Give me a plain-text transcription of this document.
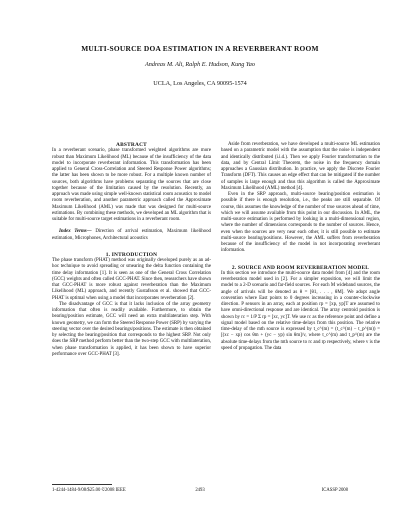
MULTI-SOURCE DOA ESTIMATION IN A REVERBERANT ROOM
Andreas M. Ali, Ralph E. Hudson, Kung Yao
UCLA, Los Angeles, CA 90095-1574

ABSTRACT

In a reverberant scenario, phase transformed weighted algorithms are more robust than Maximum Likelihood (ML) because of the insufficiency of the data model to incorporate reverberant information. This transformation has been applied to General Cross-Correlation and Steered Response Power algorithms; the latter has been shown to be more robust. For a multiple known number of sources, both algorithms have problems separating the sources that are close together because of the limitation caused by the resolution. Recently, an approach was made using simple well-known statistical room acoustics to model room reverberation, and another parametric approach called the Approximate Maximum Likelihood (AML) was made that was designed for multi-source estimations. By combining these methods, we developed an ML algorithm that is suitable for multi-source target estimations in a reverberant room.

Index Terms— Direction of arrival estimation, Maximum likelihood estimation, Microphones, Architectural acoustics

1. INTRODUCTION

The phase transform (PHAT) method was originally developed purely as an ad-hoc technique to avoid spreading or smearing the delta function containing the time delay information [1]. It is seen as one of the General Cross Correlation (GCC) weights and often called GCC-PHAT. Since then, researchers have shown that GCC-PHAT is more robust against reverberation than the Maximum Likelihood (ML) approach, and recently Gustafsson et al. showed that GCC-PHAT is optimal when using a model that incorporates reverberation [2].

The disadvantage of GCC is that it lacks inclusion of the array geometry information that often is readily available. Furthermore, to obtain the bearing/position estimate, GCC will need an extra multilateration step. With known geometry, we can form the Steered Response Power (SRP) by varying the steering vector over the desired bearings/positions. The estimate is then obtained by selecting the bearing/position that corresponds to the highest SRP. Not only does the SRP method perform better than the two-step GCC with multilateration, when phase transformation is applied, it has been shown to have superior performance over GCC-PHAT [3].

Aside from reverberation, we have developed a multi-source ML estimation based on a parametric model with the assumption that the noise is independent and identically distributed (i.i.d.). Then we apply Fourier transformation to the data, and by Central Limit Theorem, the noise in the frequency domain approaches a Gaussian distribution. In practice, we apply the Discrete Fourier Transform (DFT). This causes an edge effect that can be mitigated if the number of samples is large enough and thus this algorithm is called the Approximate Maximum Likelihood (AML) method [4].

Even in the SRP approach, multi-source bearing/position estimation is possible if there is enough resolution, i.e., the peaks are still separable. Of course, this assumes the knowledge of the number of true sources ahead of time, which we will assume available from this point in our discussion. In AML, the multi-source estimation is performed by looking in a multi-dimensional region, where the number of dimensions corresponds to the number of sources. Hence, even when the sources are very near each other, it is still possible to estimate multi-source bearing/positions. However, the AML suffers from reverberation because of the insufficiency of the model in not incorporating reverberant information.

2. SOURCE AND ROOM REVERBERATION MODEL

In this section we introduce the multi-source data model from [4] and the room reverberation model used in [2]. For a simpler exposition, we will limit the model to a 2-D scenario and far-field sources. For each M wideband sources, the angle of arrivals will be denoted as θ = [θ1, . . . , θM]. We adopt angle convention where East points to 0 degrees increasing in a counter-clockwise direction. P sensors in an array, each at position rp = [xp, yp]T are assumed to have omni-directional response and are identical. The array centroid position is shown by rc = 1/P Σ rp = [xc, yc]T. We use rc as the reference point and define a signal model based on the relative time-delays from this position. The relative time-delay of the mth source is expressed by t_c^(m) = (t_c^(m) − t_p^(m)) = [(xc − xp) cos θm + (yc − yp) sin θm]/v, where t_c^(m) and t_p^(m) are the absolute time-delays from the mth source to rc and rp respectively, where v is the speed of propagation. The data

1-4244-1484-9/08/$25.00 ©2008 IEEE	2493	ICASSP 2008
